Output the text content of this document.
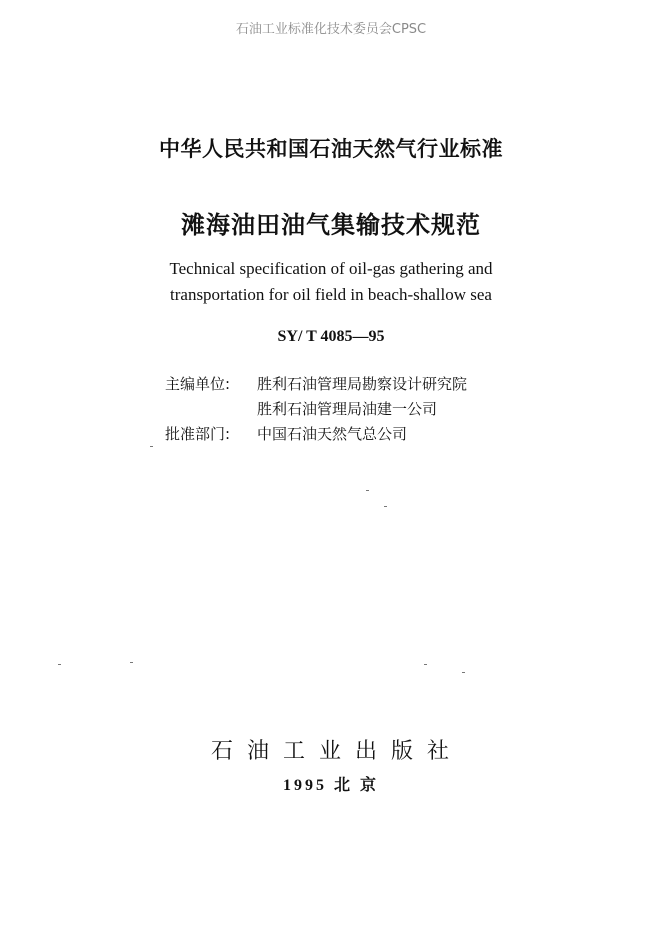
石油工业标准化技术委员会CPSC
中华人民共和国石油天然气行业标准
滩海油田油气集输技术规范
Technical specification of oil-gas gathering and
transportation for oil field in beach-shallow sea
SY/ T 4085—95
主编单位:	胜利石油管理局勘察设计研究院
胜利石油管理局油建一公司
批准部门:	中国石油天然气总公司
石油工业出版社
1995 北 京
